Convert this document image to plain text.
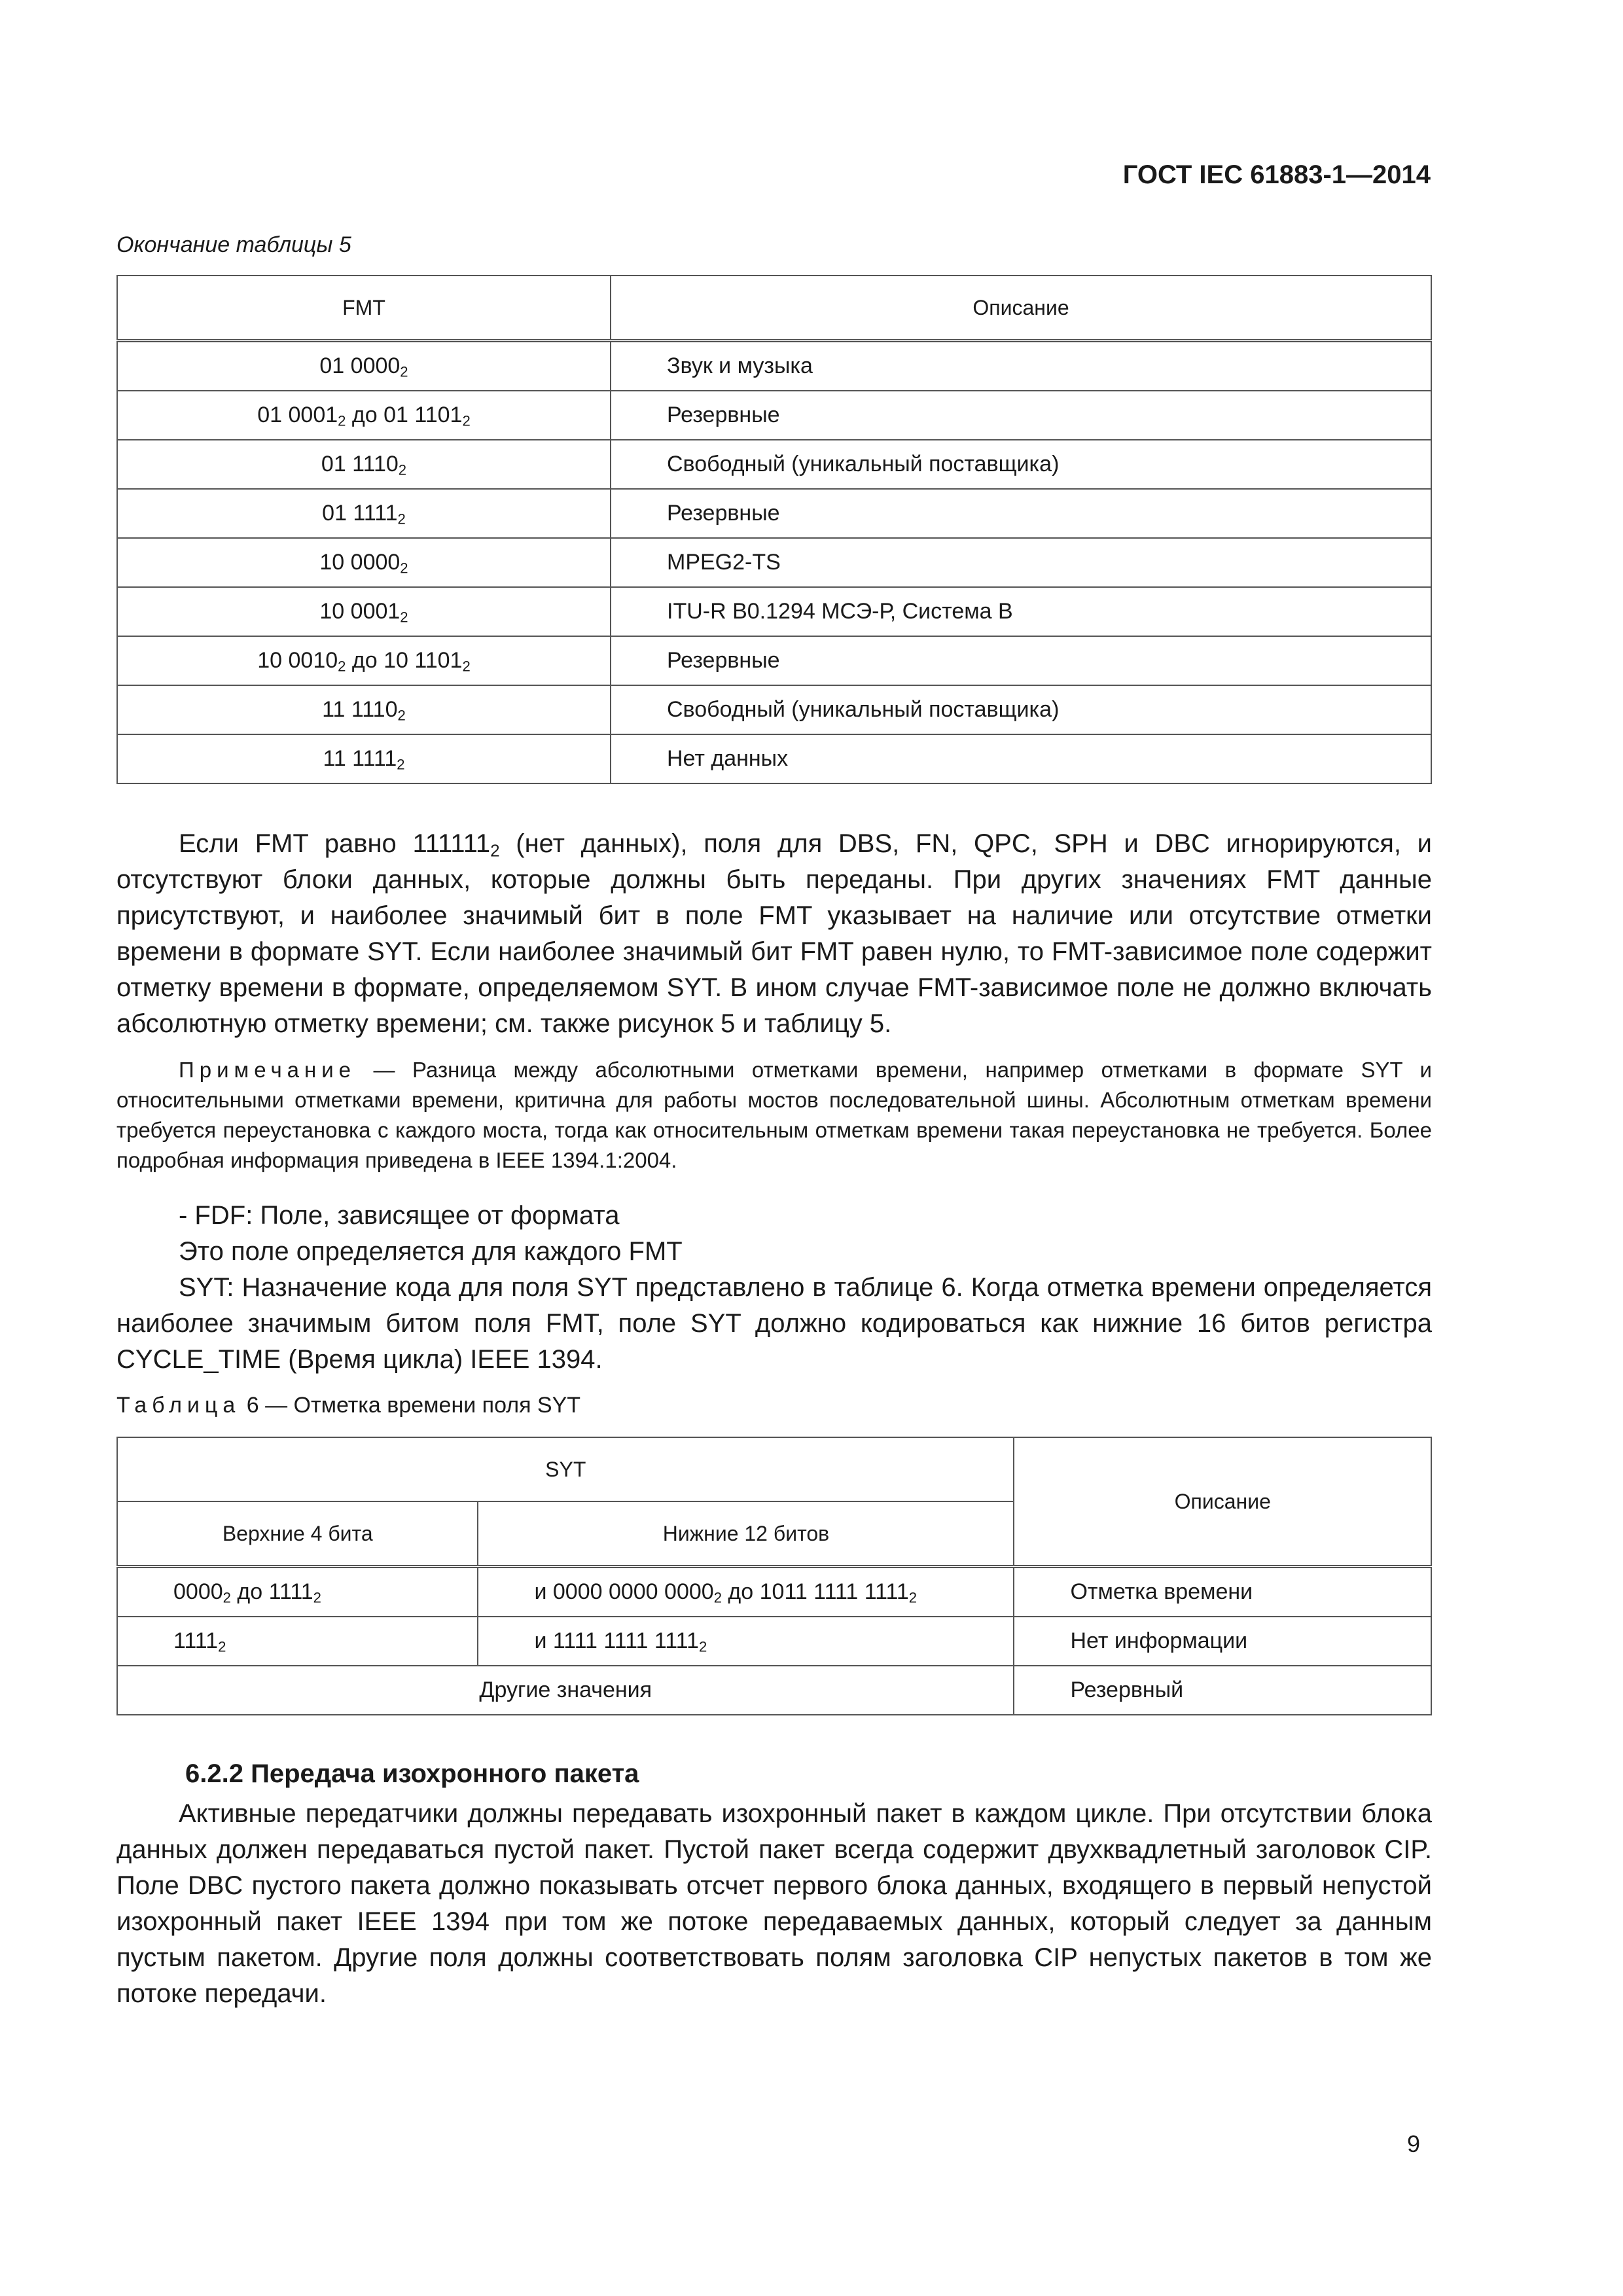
ГОСТ IEC 61883-1—2014
Окончание таблицы 5
FMT	Описание
01 $0000_2$	Звук и музыка
01 $0001_2$ до 01 $1101_2$	Резервные
01 $1110_2$	Свободный (уникальный поставщика)
01 $1111_2$	Резервные
10 $0000_2$	MPEG2-TS
10 $0001_2$	ITU-R B0.1294 МСЭ-Р, Система B
10 $0010_2$ до 10 $1101_2$	Резервные
11 $1110_2$	Свободный (уникальный поставщика)
11 $1111_2$	Нет данных

Если FMT равно $111111_2$ (нет данных), поля для DBS, FN, QPC, SPH и DBC игнорируются, и отсутствуют блоки данных, которые должны быть переданы. При других значениях FMT данные присутствуют, и наиболее значимый бит в поле FMT указывает на наличие или отсутствие отметки времени в формате SYT. Если наиболее значимый бит FMT равен нулю, то FMT-зависимое поле содержит отметку времени в формате, определяемом SYT. В ином случае FMT-зависимое поле не должно включать абсолютную отметку времени; см. также рисунок 5 и таблицу 5.

Примечание — Разница между абсолютными отметками времени, например отметками в формате SYT и относительными отметками времени, критична для работы мостов последовательной шины. Абсолютным отметкам времени требуется переустановка с каждого моста, тогда как относительным отметкам времени такая переустановка не требуется. Более подробная информация приведена в IEEE 1394.1:2004.

- FDF: Поле, зависящее от формата

Это поле определяется для каждого FMT

SYT: Назначение кода для поля SYT представлено в таблице 6. Когда отметка времени определяется наиболее значимым битом поля FMT, поле SYT должно кодироваться как нижние 16 битов регистра CYCLE_TIME (Время цикла) IEEE 1394.

Таблица 6 — Отметка времени поля SYT
SYT		Описание
Верхние 4 бита	Нижние 12 битов	
$0000_2$ до $1111_2$	и 0000 0000 $0000_2$ до 1011 1111 $1111_2$	Отметка времени
$1111_2$	и 1111 1111 $1111_2$	Нет информации
Другие значения		Резервный
6.2.2 Передача изохронного пакета

Активные передатчики должны передавать изохронный пакет в каждом цикле. При отсутствии блока данных должен передаваться пустой пакет. Пустой пакет всегда содержит двухквадлетный заголовок CIP. Поле DBC пустого пакета должно показывать отсчет первого блока данных, входящего в первый непустой изохронный пакет IEEE 1394 при том же потоке передаваемых данных, который следует за данным пустым пакетом. Другие поля должны соответствовать полям заголовка CIP непустых пакетов в том же потоке передачи.

9
